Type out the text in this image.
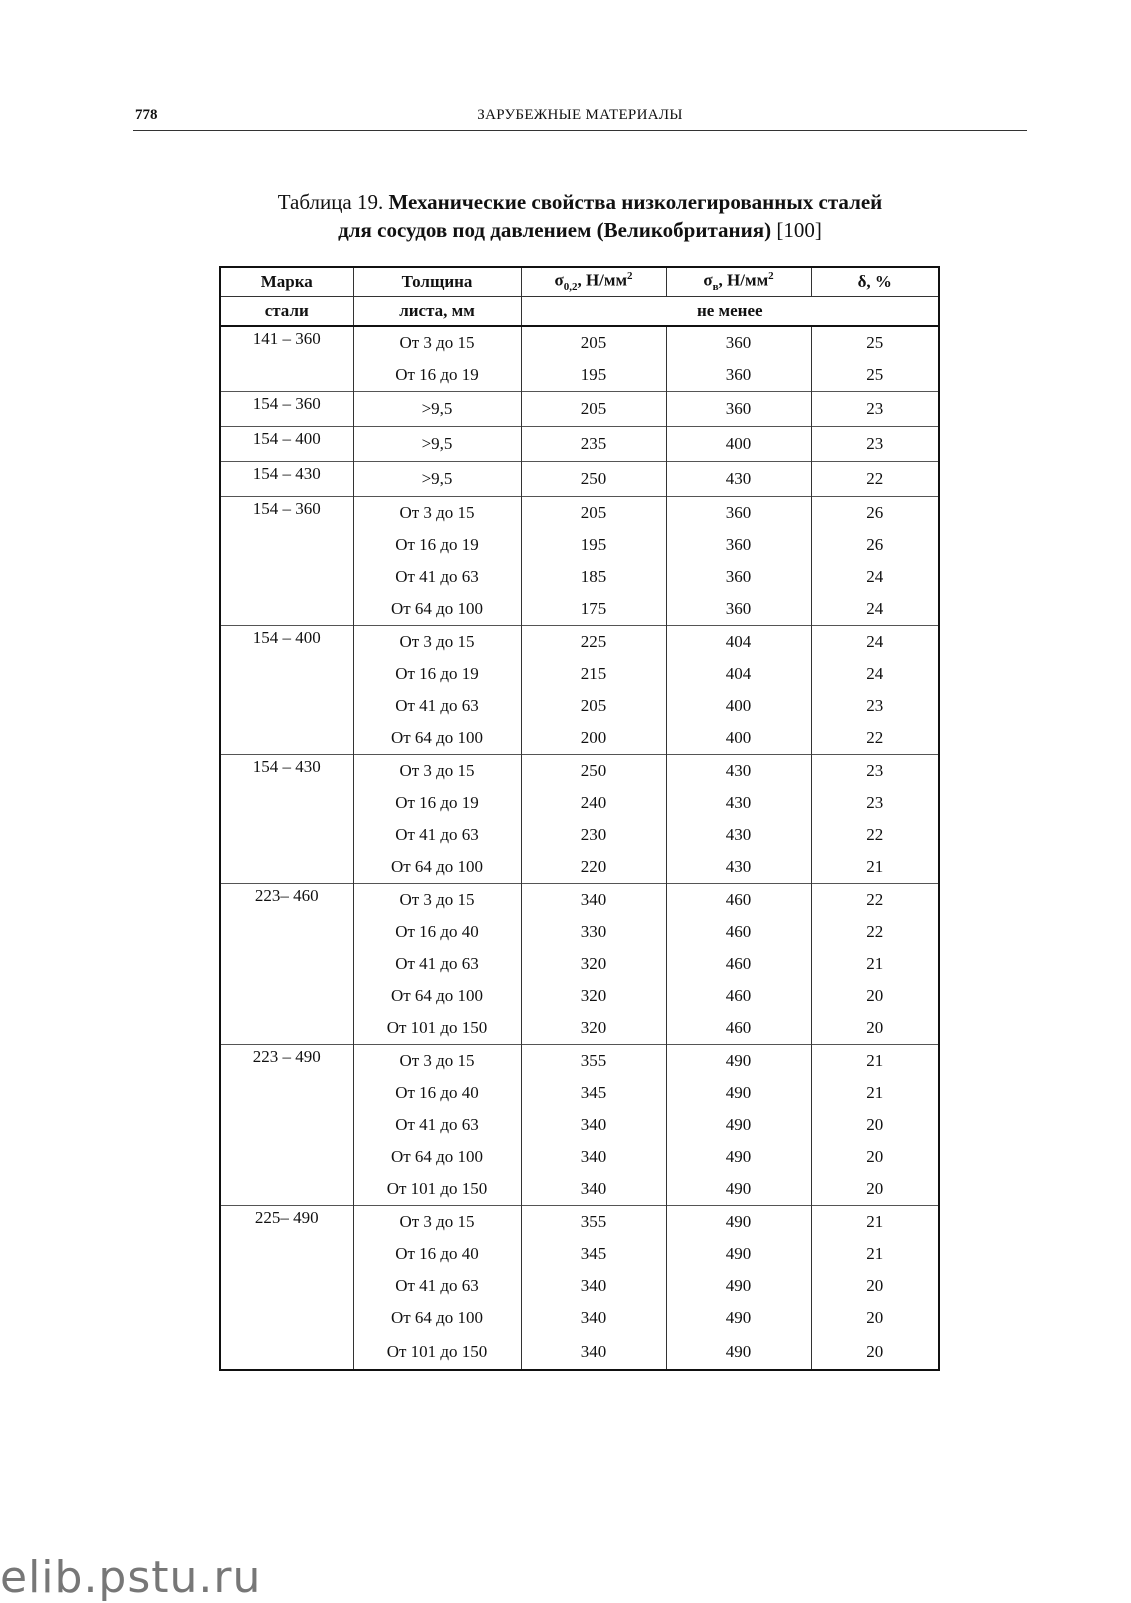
778	ЗАРУБЕЖНЫЕ МАТЕРИАЛЫ
Таблица 19. Механические свойства низколегированных сталей
для сосудов под давлением (Великобритания) [100]
Марка	Толщина	$\sigma_{0,2}$, $Н/мм^2$	$\sigma_в$, $Н/мм^2$	δ, %
стали	листа, мм	не менее		
141 – 360	От 3 до 15	205	360	25
	От 16 до 19	195	360	25
154 – 360	>9,5	205	360	23
154 – 400	>9,5	235	400	23
154 – 430	>9,5	250	430	22
154 – 360	От 3 до 15	205	360	26
	От 16 до 19	195	360	26
	От 41 до 63	185	360	24
	От 64 до 100	175	360	24
154 – 400	От 3 до 15	225	404	24
	От 16 до 19	215	404	24
	От 41 до 63	205	400	23
	От 64 до 100	200	400	22
154 – 430	От 3 до 15	250	430	23
	От 16 до 19	240	430	23
	От 41 до 63	230	430	22
	От 64 до 100	220	430	21
223– 460	От 3 до 15	340	460	22
	От 16 до 40	330	460	22
	От 41 до 63	320	460	21
	От 64 до 100	320	460	20
	От 101 до 150	320	460	20
223 – 490	От 3 до 15	355	490	21
	От 16 до 40	345	490	21
	От 41 до 63	340	490	20
	От 64 до 100	340	490	20
	От 101 до 150	340	490	20
225– 490	От 3 до 15	355	490	21
	От 16 до 40	345	490	21
	От 41 до 63	340	490	20
	От 64 до 100	340	490	20
	От 101 до 150	340	490	20
elib.pstu.ru
